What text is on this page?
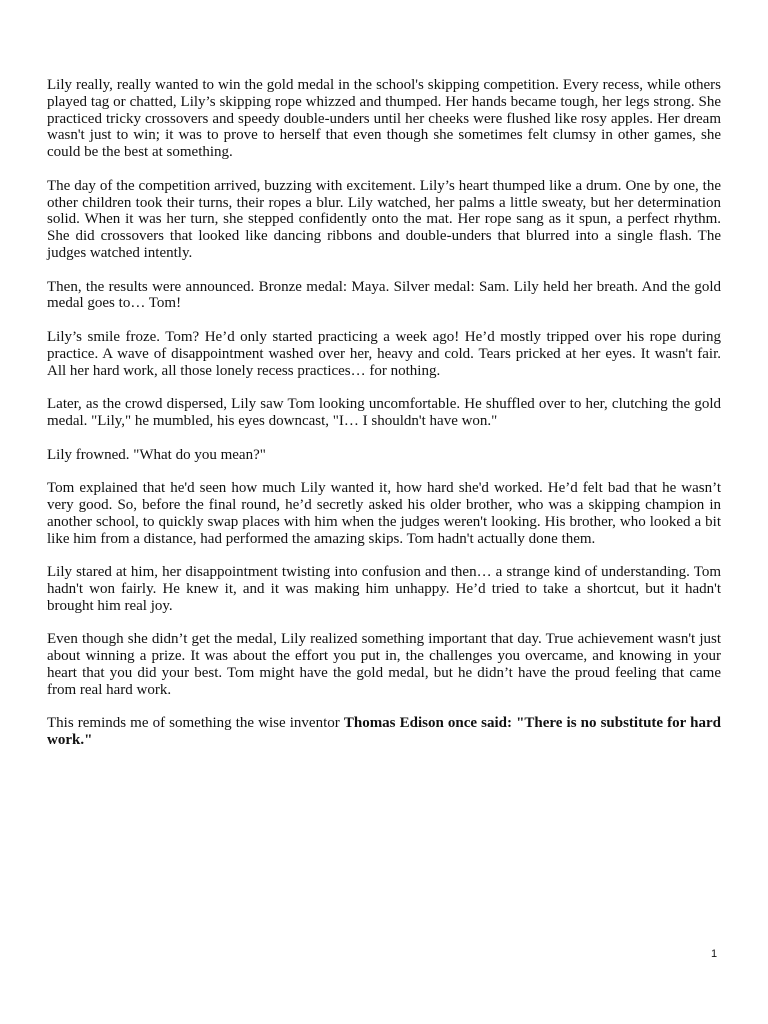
Lily really, really wanted to win the gold medal in the school's skipping competition. Every recess, while others played tag or chatted, Lily’s skipping rope whizzed and thumped. Her hands became tough, her legs strong. She practiced tricky crossovers and speedy double-unders until her cheeks were flushed like rosy apples. Her dream wasn't just to win; it was to prove to herself that even though she sometimes felt clumsy in other games, she could be the best at something.

The day of the competition arrived, buzzing with excitement. Lily’s heart thumped like a drum. One by one, the other children took their turns, their ropes a blur. Lily watched, her palms a little sweaty, but her determination solid. When it was her turn, she stepped confidently onto the mat. Her rope sang as it spun, a perfect rhythm. She did crossovers that looked like dancing ribbons and double-unders that blurred into a single flash. The judges watched intently.

Then, the results were announced. Bronze medal: Maya. Silver medal: Sam. Lily held her breath. And the gold medal goes to… Tom!

Lily’s smile froze. Tom? He’d only started practicing a week ago! He’d mostly tripped over his rope during practice. A wave of disappointment washed over her, heavy and cold. Tears pricked at her eyes. It wasn't fair. All her hard work, all those lonely recess practices… for nothing.

Later, as the crowd dispersed, Lily saw Tom looking uncomfortable. He shuffled over to her, clutching the gold medal. "Lily," he mumbled, his eyes downcast, "I… I shouldn't have won."

Lily frowned. "What do you mean?"

Tom explained that he'd seen how much Lily wanted it, how hard she'd worked. He’d felt bad that he wasn’t very good. So, before the final round, he’d secretly asked his older brother, who was a skipping champion in another school, to quickly swap places with him when the judges weren't looking. His brother, who looked a bit like him from a distance, had performed the amazing skips. Tom hadn't actually done them.

Lily stared at him, her disappointment twisting into confusion and then… a strange kind of understanding. Tom hadn't won fairly. He knew it, and it was making him unhappy. He’d tried to take a shortcut, but it hadn't brought him real joy.

Even though she didn’t get the medal, Lily realized something important that day. True achievement wasn't just about winning a prize. It was about the effort you put in, the challenges you overcame, and knowing in your heart that you did your best. Tom might have the gold medal, but he didn’t have the proud feeling that came from real hard work.

This reminds me of something the wise inventor Thomas Edison once said: "There is no substitute for hard work."

1
